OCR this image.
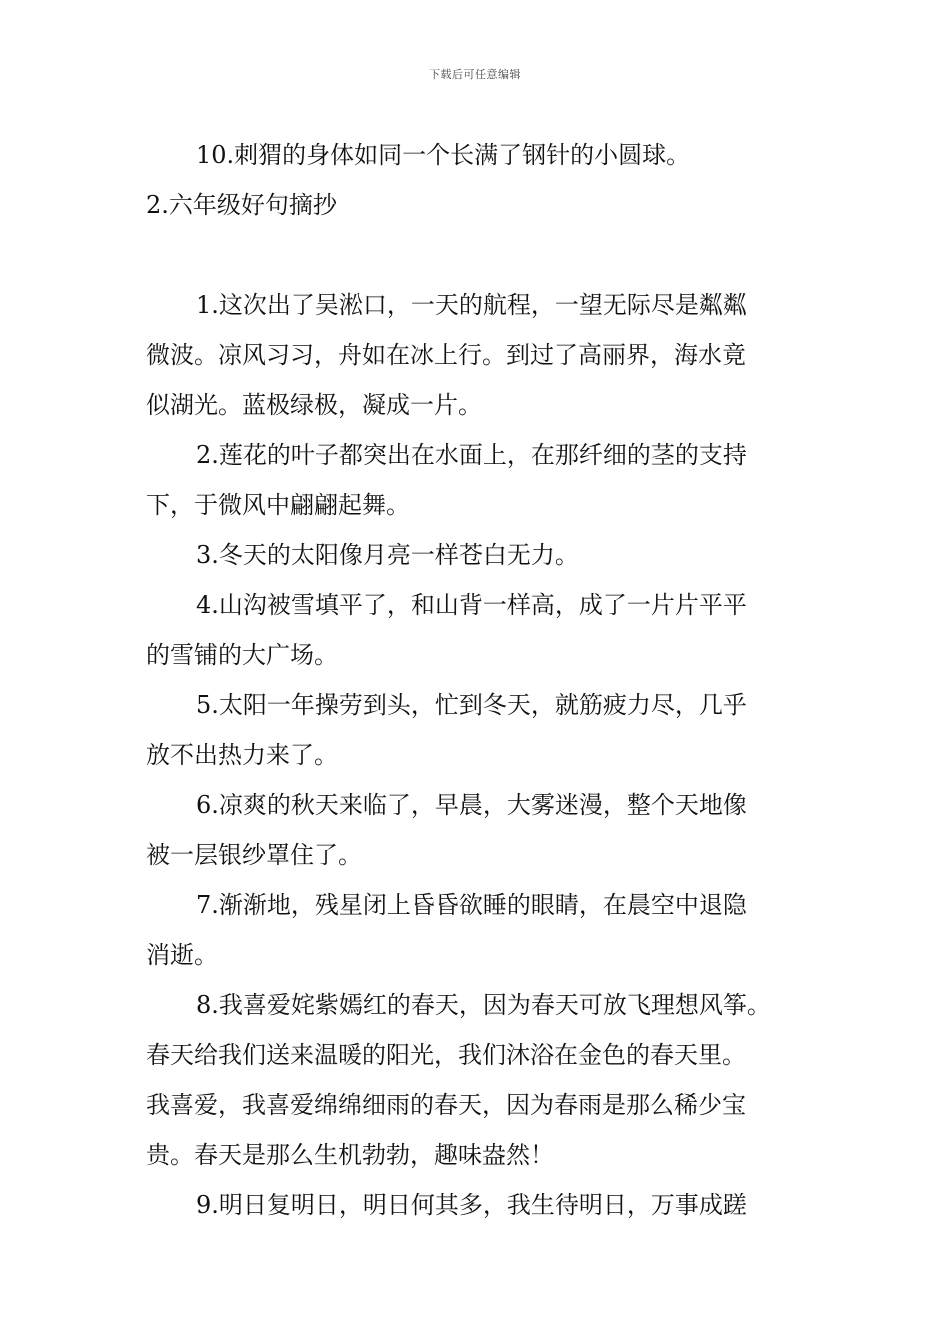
下载后可任意编辑
10.刺猬的身体如同一个长满了钢针的小圆球。
2.六年级好句摘抄
1.这次出了吴淞口，一天的航程，一望无际尽是粼粼
微波。凉风习习，舟如在冰上行。到过了高丽界，海水竟
似湖光。蓝极绿极，凝成一片。
2.莲花的叶子都突出在水面上，在那纤细的茎的支持
下，于微风中翩翩起舞。
3.冬天的太阳像月亮一样苍白无力。
4.山沟被雪填平了，和山背一样高，成了一片片平平
的雪铺的大广场。
5.太阳一年操劳到头，忙到冬天，就筋疲力尽，几乎
放不出热力来了。
6.凉爽的秋天来临了，早晨，大雾迷漫，整个天地像
被一层银纱罩住了。
7.渐渐地，残星闭上昏昏欲睡的眼睛，在晨空中退隐
消逝。
8.我喜爱姹紫嫣红的春天，因为春天可放飞理想风筝。
春天给我们送来温暖的阳光，我们沐浴在金色的春天里。
我喜爱，我喜爱绵绵细雨的春天，因为春雨是那么稀少宝
贵。春天是那么生机勃勃，趣味盎然！
9.明日复明日，明日何其多，我生待明日，万事成蹉
